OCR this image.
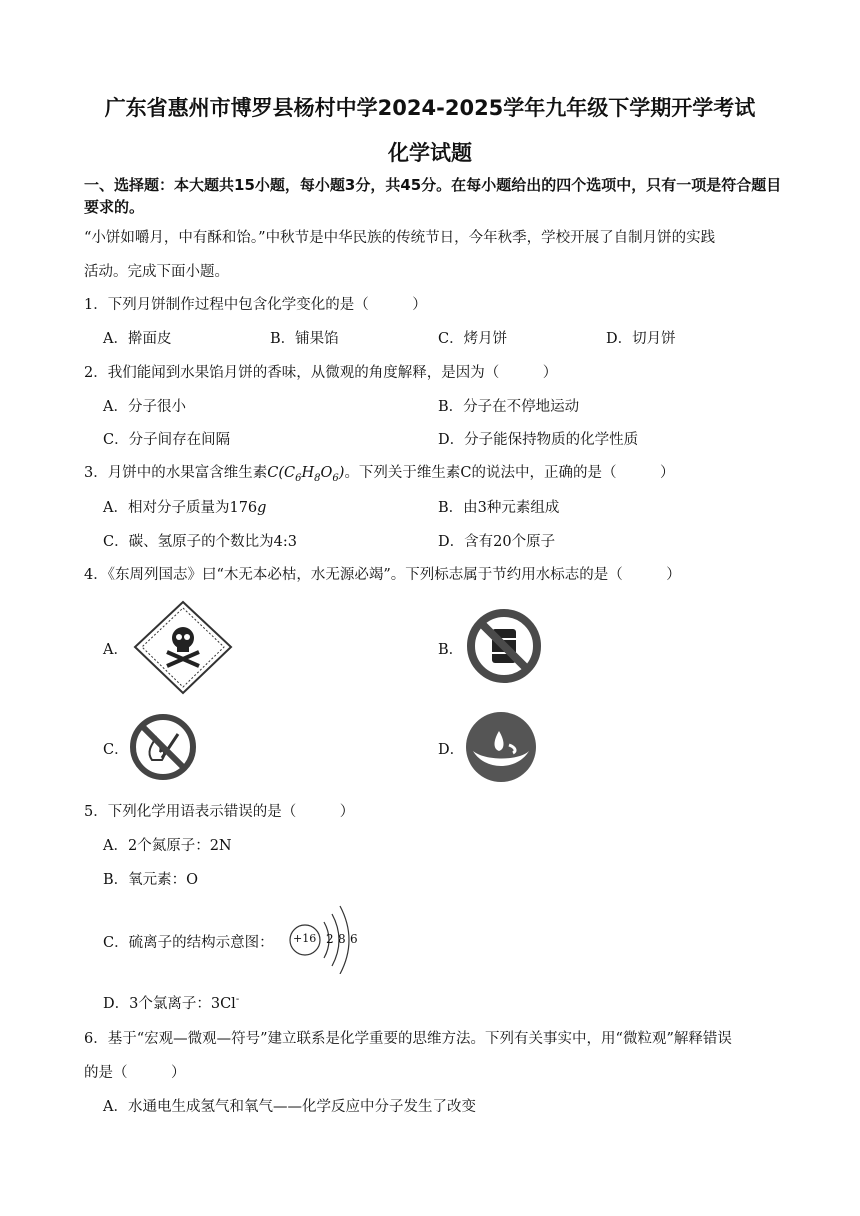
广东省惠州市博罗县杨村中学2024-2025学年九年级下学期开学考试
化学试题
一、选择题：本大题共15小题，每小题3分，共45分。在每小题给出的四个选项中，只有一项是符合题目要求的。
“小饼如嚼月，中有酥和饴。”中秋节是中华民族的传统节日，今年秋季，学校开展了自制月饼的实践
活动。完成下面小题。
1．下列月饼制作过程中包含化学变化的是（　　　）
A．擀面皮	B．铺果馅	C．烤月饼	D．切月饼
2．我们能闻到水果馅月饼的香味，从微观的角度解释，是因为（　　　）
A．分子很小	B．分子在不停地运动
C．分子间存在间隔	D．分子能保持物质的化学性质
3．月饼中的水果富含维生素$C(C_6H_8O_6)$。下列关于维生素C的说法中，正确的是（　　　）
A．相对分子质量为176g	B．由3种元素组成
C．碳、氢原子的个数比为4:3	D．含有20个原子
4．《东周列国志》曰“木无本必枯，水无源必竭”。下列标志属于节约用水标志的是（　　　）
A．	B．
C．	D．
5．下列化学用语表示错误的是（　　　）
A．2个氮原子：2N
B．氧元素：O
C．硫离子的结构示意图： +16 2 8 6
D．3个氯离子：3Cl-
6．基于“宏观—微观—符号”建立联系是化学重要的思维方法。下列有关事实中，用“微粒观”解释错误
的是（　　　）
A．水通电生成氢气和氧气——化学反应中分子发生了改变
